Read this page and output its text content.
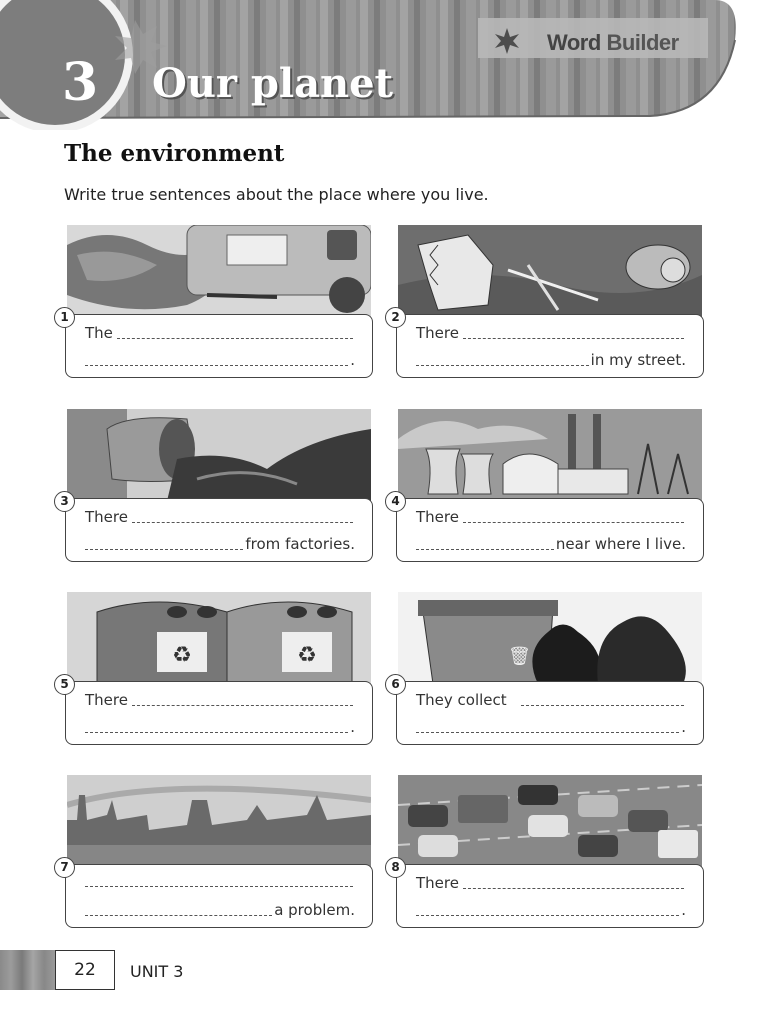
3 Our planet
Word Builder
The environment

Write true sentences about the place where you live.

1
The
.
2
There
in my street.
3
There
from factories.
4
There
near where I live.
♻	♻
5
There
.
🗑
6
They collect
.
7
a problem.
8
There
.
22	UNIT 3
